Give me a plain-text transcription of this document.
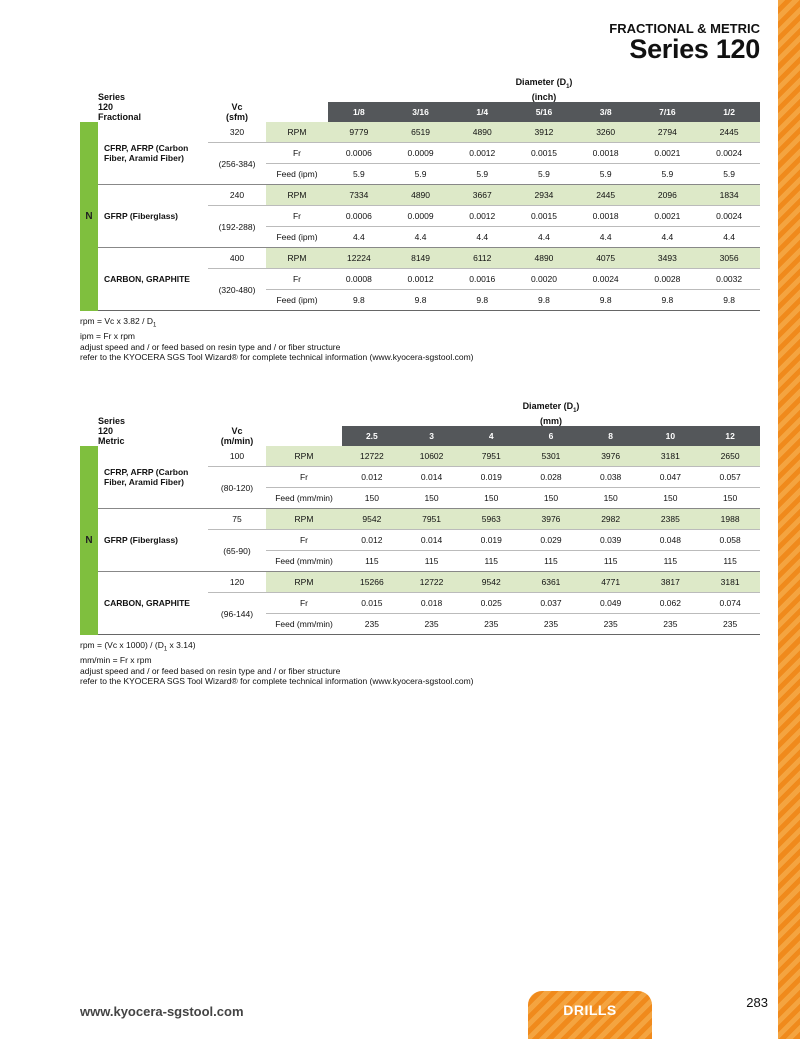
FRACTIONAL & METRIC
Series 120
	Series
120
Fractional	Vc
(sfm)		Diameter $(D_1)$
(inch)						
				1/8	3/16	1/4	5/16	3/8	7/16	1/2
N	CFRP, AFRP (Carbon Fiber, Aramid Fiber)	320	RPM	9779	6519	4890	3912	3260	2794	2445
		(256-384)	Fr	0.0006	0.0009	0.0012	0.0015	0.0018	0.0021	0.0024
			Feed (ipm)	5.9	5.9	5.9	5.9	5.9	5.9	5.9
	GFRP (Fiberglass)	240	RPM	7334	4890	3667	2934	2445	2096	1834
		(192-288)	Fr	0.0006	0.0009	0.0012	0.0015	0.0018	0.0021	0.0024
			Feed (ipm)	4.4	4.4	4.4	4.4	4.4	4.4	4.4
	CARBON, GRAPHITE	400	RPM	12224	8149	6112	4890	4075	3493	3056
		(320-480)	Fr	0.0008	0.0012	0.0016	0.0020	0.0024	0.0028	0.0032
			Feed (ipm)	9.8	9.8	9.8	9.8	9.8	9.8	9.8
rpm = Vc x $3.82 / D_1$
ipm = Fr x rpm
adjust speed and / or feed based on resin type and / or fiber structure
refer to the KYOCERA SGS Tool Wizard® for complete technical information (www.kyocera-sgstool.com)
	Series
120
Metric	Vc
(m/min)		Diameter $(D_1)$
(mm)						
				2.5	3	4	6	8	10	12
N	CFRP, AFRP (Carbon Fiber, Aramid Fiber)	100	RPM	12722	10602	7951	5301	3976	3181	2650
		(80-120)	Fr	0.012	0.014	0.019	0.028	0.038	0.047	0.057
			Feed (mm/min)	150	150	150	150	150	150	150
	GFRP (Fiberglass)	75	RPM	9542	7951	5963	3976	2982	2385	1988
		(65-90)	Fr	0.012	0.014	0.019	0.029	0.039	0.048	0.058
			Feed (mm/min)	115	115	115	115	115	115	115
	CARBON, GRAPHITE	120	RPM	15266	12722	9542	6361	4771	3817	3181
		(96-144)	Fr	0.015	0.018	0.025	0.037	0.049	0.062	0.074
			Feed (mm/min)	235	235	235	235	235	235	235
rpm = (Vc x $1000) / (D_1$ x 3.14)
mm/min = Fr x rpm
adjust speed and / or feed based on resin type and / or fiber structure
refer to the KYOCERA SGS Tool Wizard® for complete technical information (www.kyocera-sgstool.com)
www.kyocera-sgstool.com	DRILLS	283
